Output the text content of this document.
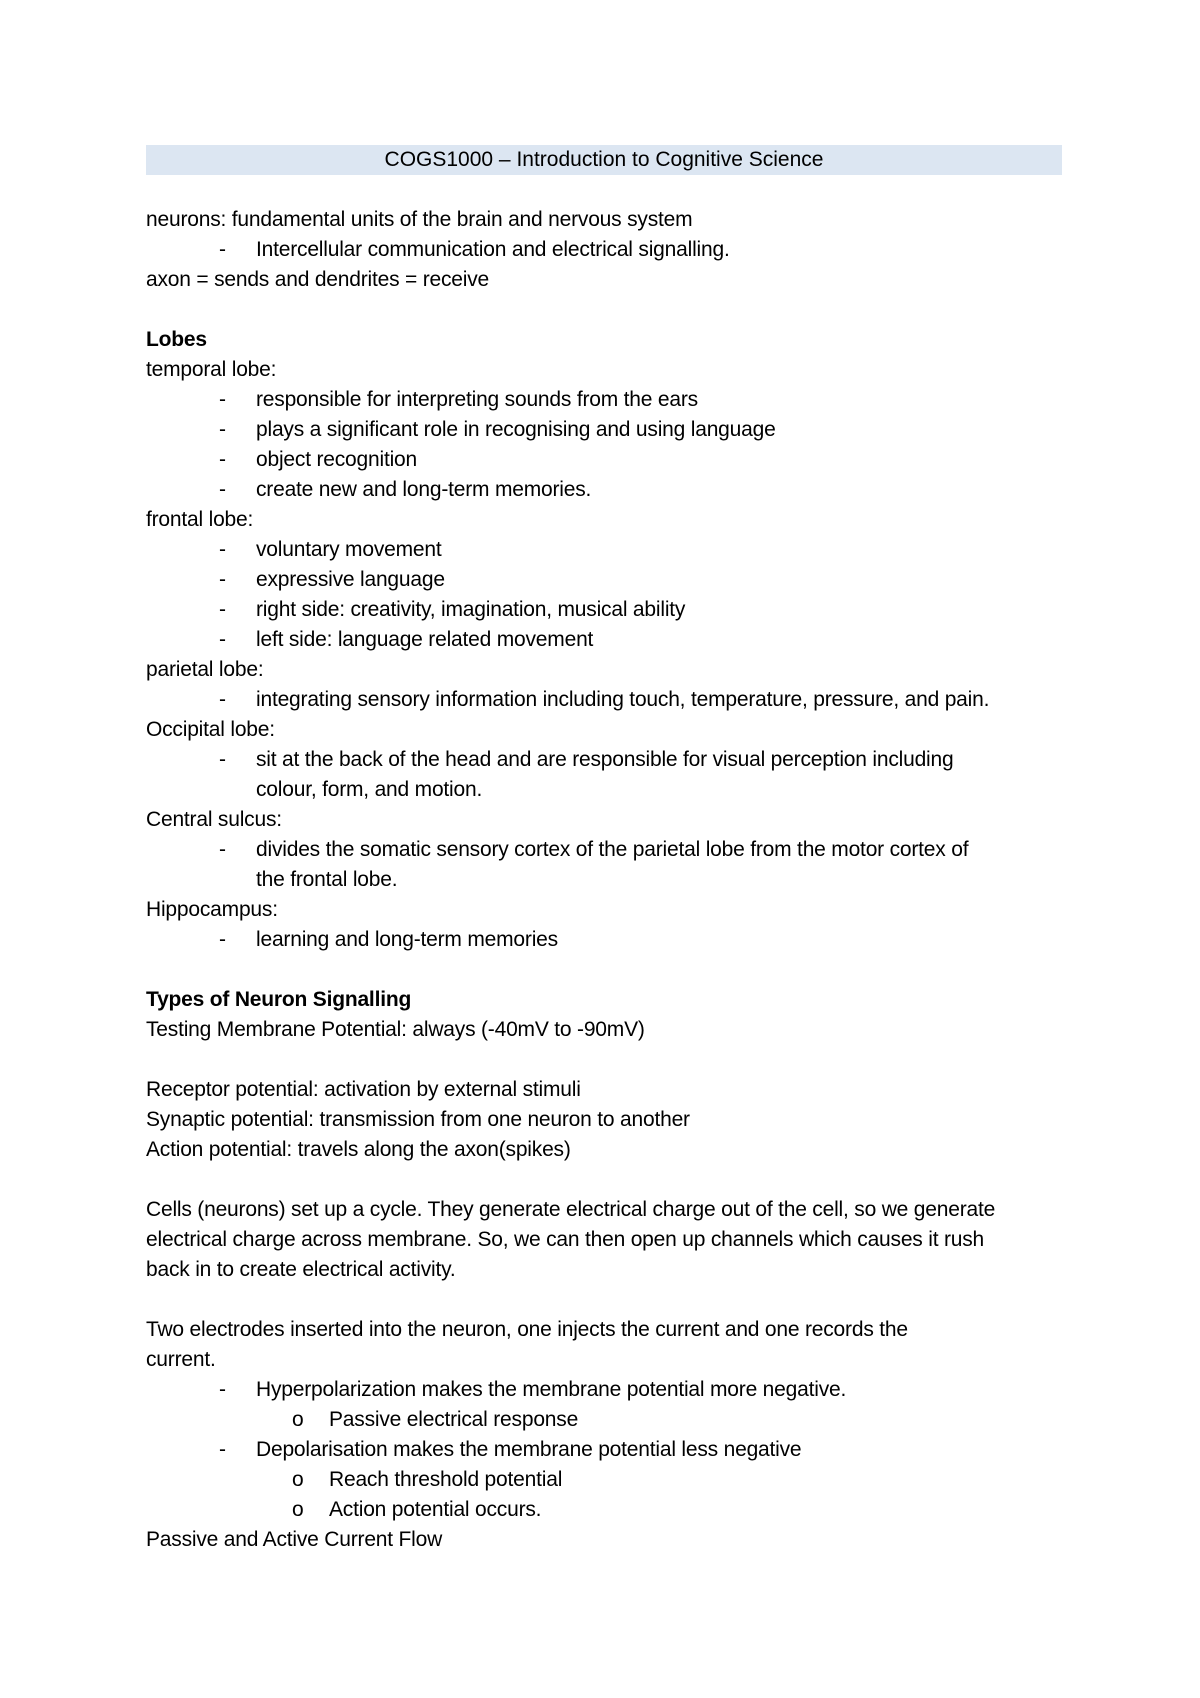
COGS1000 – Introduction to Cognitive Science
neurons: fundamental units of the brain and nervous system
- Intercellular communication and electrical signalling.
axon = sends and dendrites = receive
Lobes
temporal lobe:
- responsible for interpreting sounds from the ears
- plays a significant role in recognising and using language
- object recognition
- create new and long-term memories.
frontal lobe:
- voluntary movement
- expressive language
- right side: creativity, imagination, musical ability
- left side: language related movement
parietal lobe:
- integrating sensory information including touch, temperature, pressure, and pain.
Occipital lobe:
- sit at the back of the head and are responsible for visual perception including
colour, form, and motion.
Central sulcus:
- divides the somatic sensory cortex of the parietal lobe from the motor cortex of
the frontal lobe.
Hippocampus:
- learning and long-term memories
Types of Neuron Signalling
Testing Membrane Potential: always (-40mV to -90mV)
Receptor potential: activation by external stimuli
Synaptic potential: transmission from one neuron to another
Action potential: travels along the axon(spikes)
Cells (neurons) set up a cycle. They generate electrical charge out of the cell, so we generate
electrical charge across membrane. So, we can then open up channels which causes it rush
back in to create electrical activity.
Two electrodes inserted into the neuron, one injects the current and one records the
current.
- Hyperpolarization makes the membrane potential more negative.
o Passive electrical response
- Depolarisation makes the membrane potential less negative
o Reach threshold potential
o Action potential occurs.
Passive and Active Current Flow
